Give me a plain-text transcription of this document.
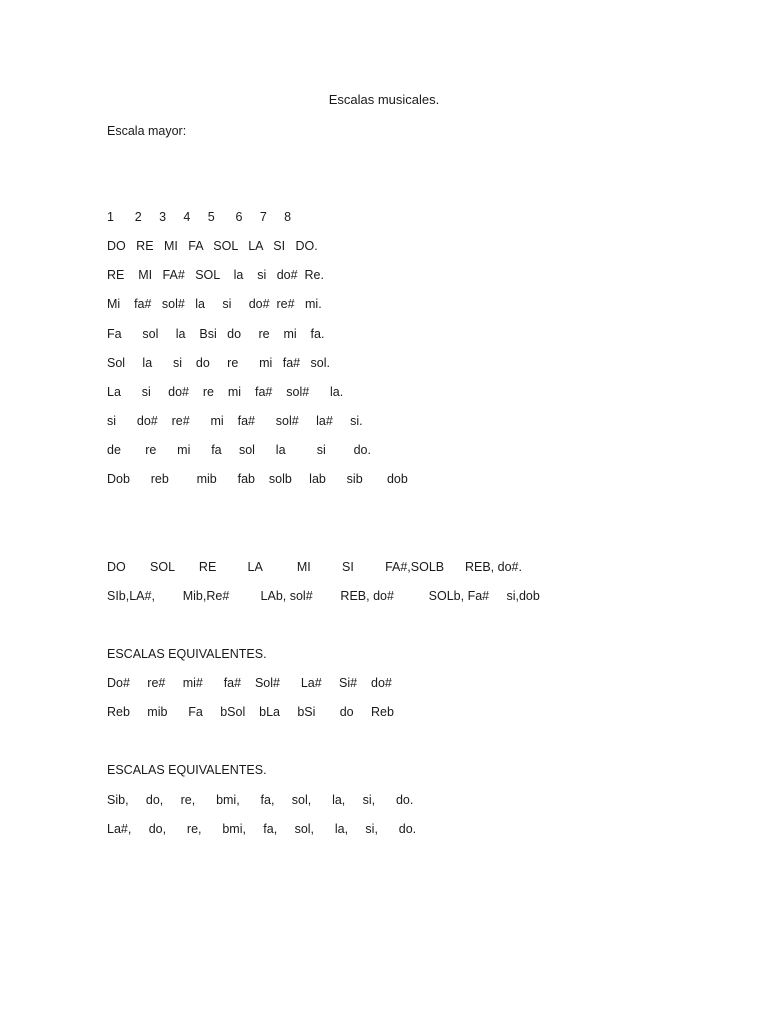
Escalas musicales.
Escala mayor:
1      2     3     4     5      6     7     8
DO   RE   MI   FA   SOL   LA   SI   DO.
RE    MI   FA#   SOL    la    si   do#  Re.
Mi    fa#   sol#   la     si     do#  re#   mi.
Fa      sol     la    Bsi   do     re    mi    fa.
Sol     la      si    do     re      mi   fa#   sol.
La      si     do#    re    mi    fa#    sol#      la.
si      do#    re#      mi    fa#      sol#     la#     si.
de       re      mi      fa     sol      la         si        do.
Dob      reb        mib      fab    solb     lab      sib       dob
DO       SOL       RE         LA          MI         SI         FA#,SOLB      REB, do#.
SIb,LA#,        Mib,Re#         LAb, sol#        REB, do#          SOLb, Fa#     si,dob
ESCALAS EQUIVALENTES.
Do#     re#     mi#      fa#    Sol#      La#     Si#    do#
Reb     mib      Fa     bSol    bLa     bSi       do     Reb
ESCALAS EQUIVALENTES.
Sib,     do,     re,      bmi,      fa,     sol,      la,     si,      do.
La#,     do,      re,      bmi,     fa,     sol,      la,     si,      do.
